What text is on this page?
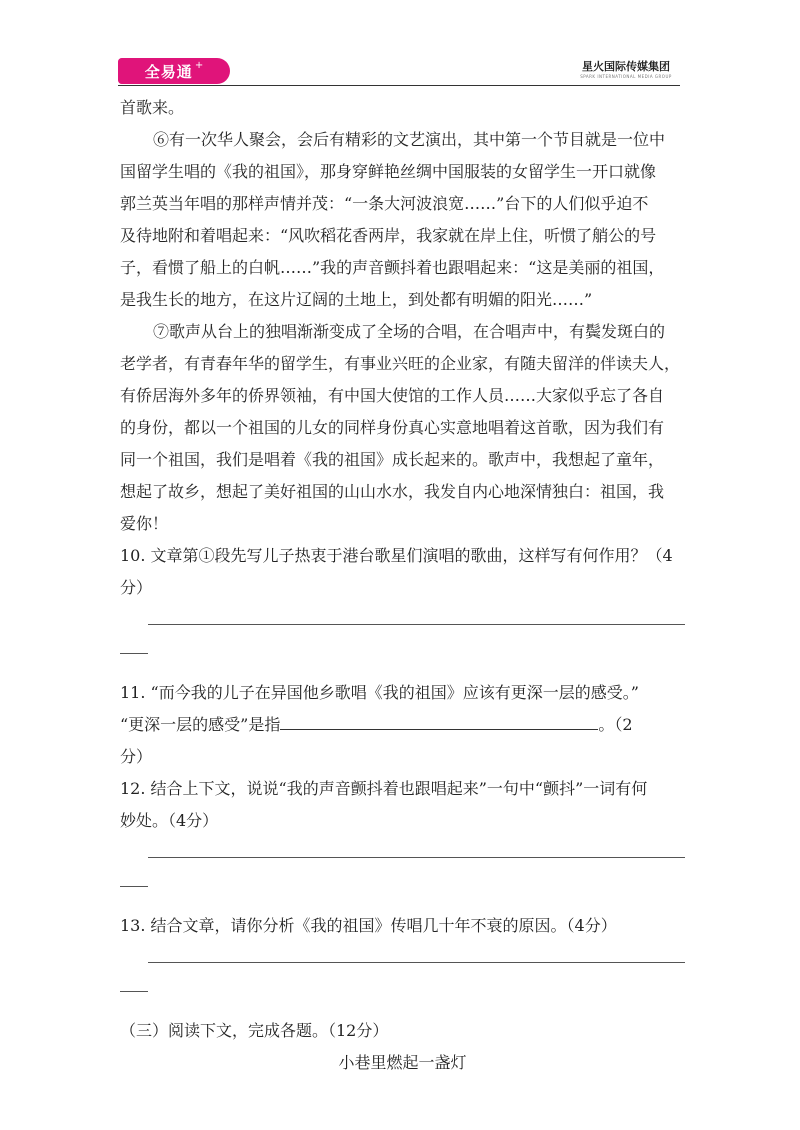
全易通 +	星火国际传媒集团
SPARK INTERNATIONAL MEDIA GROUP
首歌来。
⑥有一次华人聚会，会后有精彩的文艺演出，其中第一个节目就是一位中
国留学生唱的《我的祖国》，那身穿鲜艳丝绸中国服装的女留学生一开口就像
郭兰英当年唱的那样声情并茂：“一条大河波浪宽……”台下的人们似乎迫不
及待地附和着唱起来：“风吹稻花香两岸，我家就在岸上住，听惯了艄公的号
子，看惯了船上的白帆……”我的声音颤抖着也跟唱起来：“这是美丽的祖国，
是我生长的地方，在这片辽阔的土地上，到处都有明媚的阳光……”
⑦歌声从台上的独唱渐渐变成了全场的合唱，在合唱声中，有鬓发斑白的
老学者，有青春年华的留学生，有事业兴旺的企业家，有随夫留洋的伴读夫人，
有侨居海外多年的侨界领袖，有中国大使馆的工作人员……大家似乎忘了各自
的身份，都以一个祖国的儿女的同样身份真心实意地唱着这首歌，因为我们有
同一个祖国，我们是唱着《我的祖国》成长起来的。歌声中，我想起了童年，
想起了故乡，想起了美好祖国的山山水水，我发自内心地深情独白：祖国，我
爱你！
10. 文章第①段先写儿子热衷于港台歌星们演唱的歌曲，这样写有何作用？（4
分）
11. “而今我的儿子在异国他乡歌唱《我的祖国》应该有更深一层的感受。”
“更深一层的感受”是指	。（2
分）
12. 结合上下文，说说“我的声音颤抖着也跟唱起来”一句中“颤抖”一词有何
妙处。（4分）
13. 结合文章，请你分析《我的祖国》传唱几十年不衰的原因。（4分）
（三）阅读下文，完成各题。（12分）
小巷里燃起一盏灯
